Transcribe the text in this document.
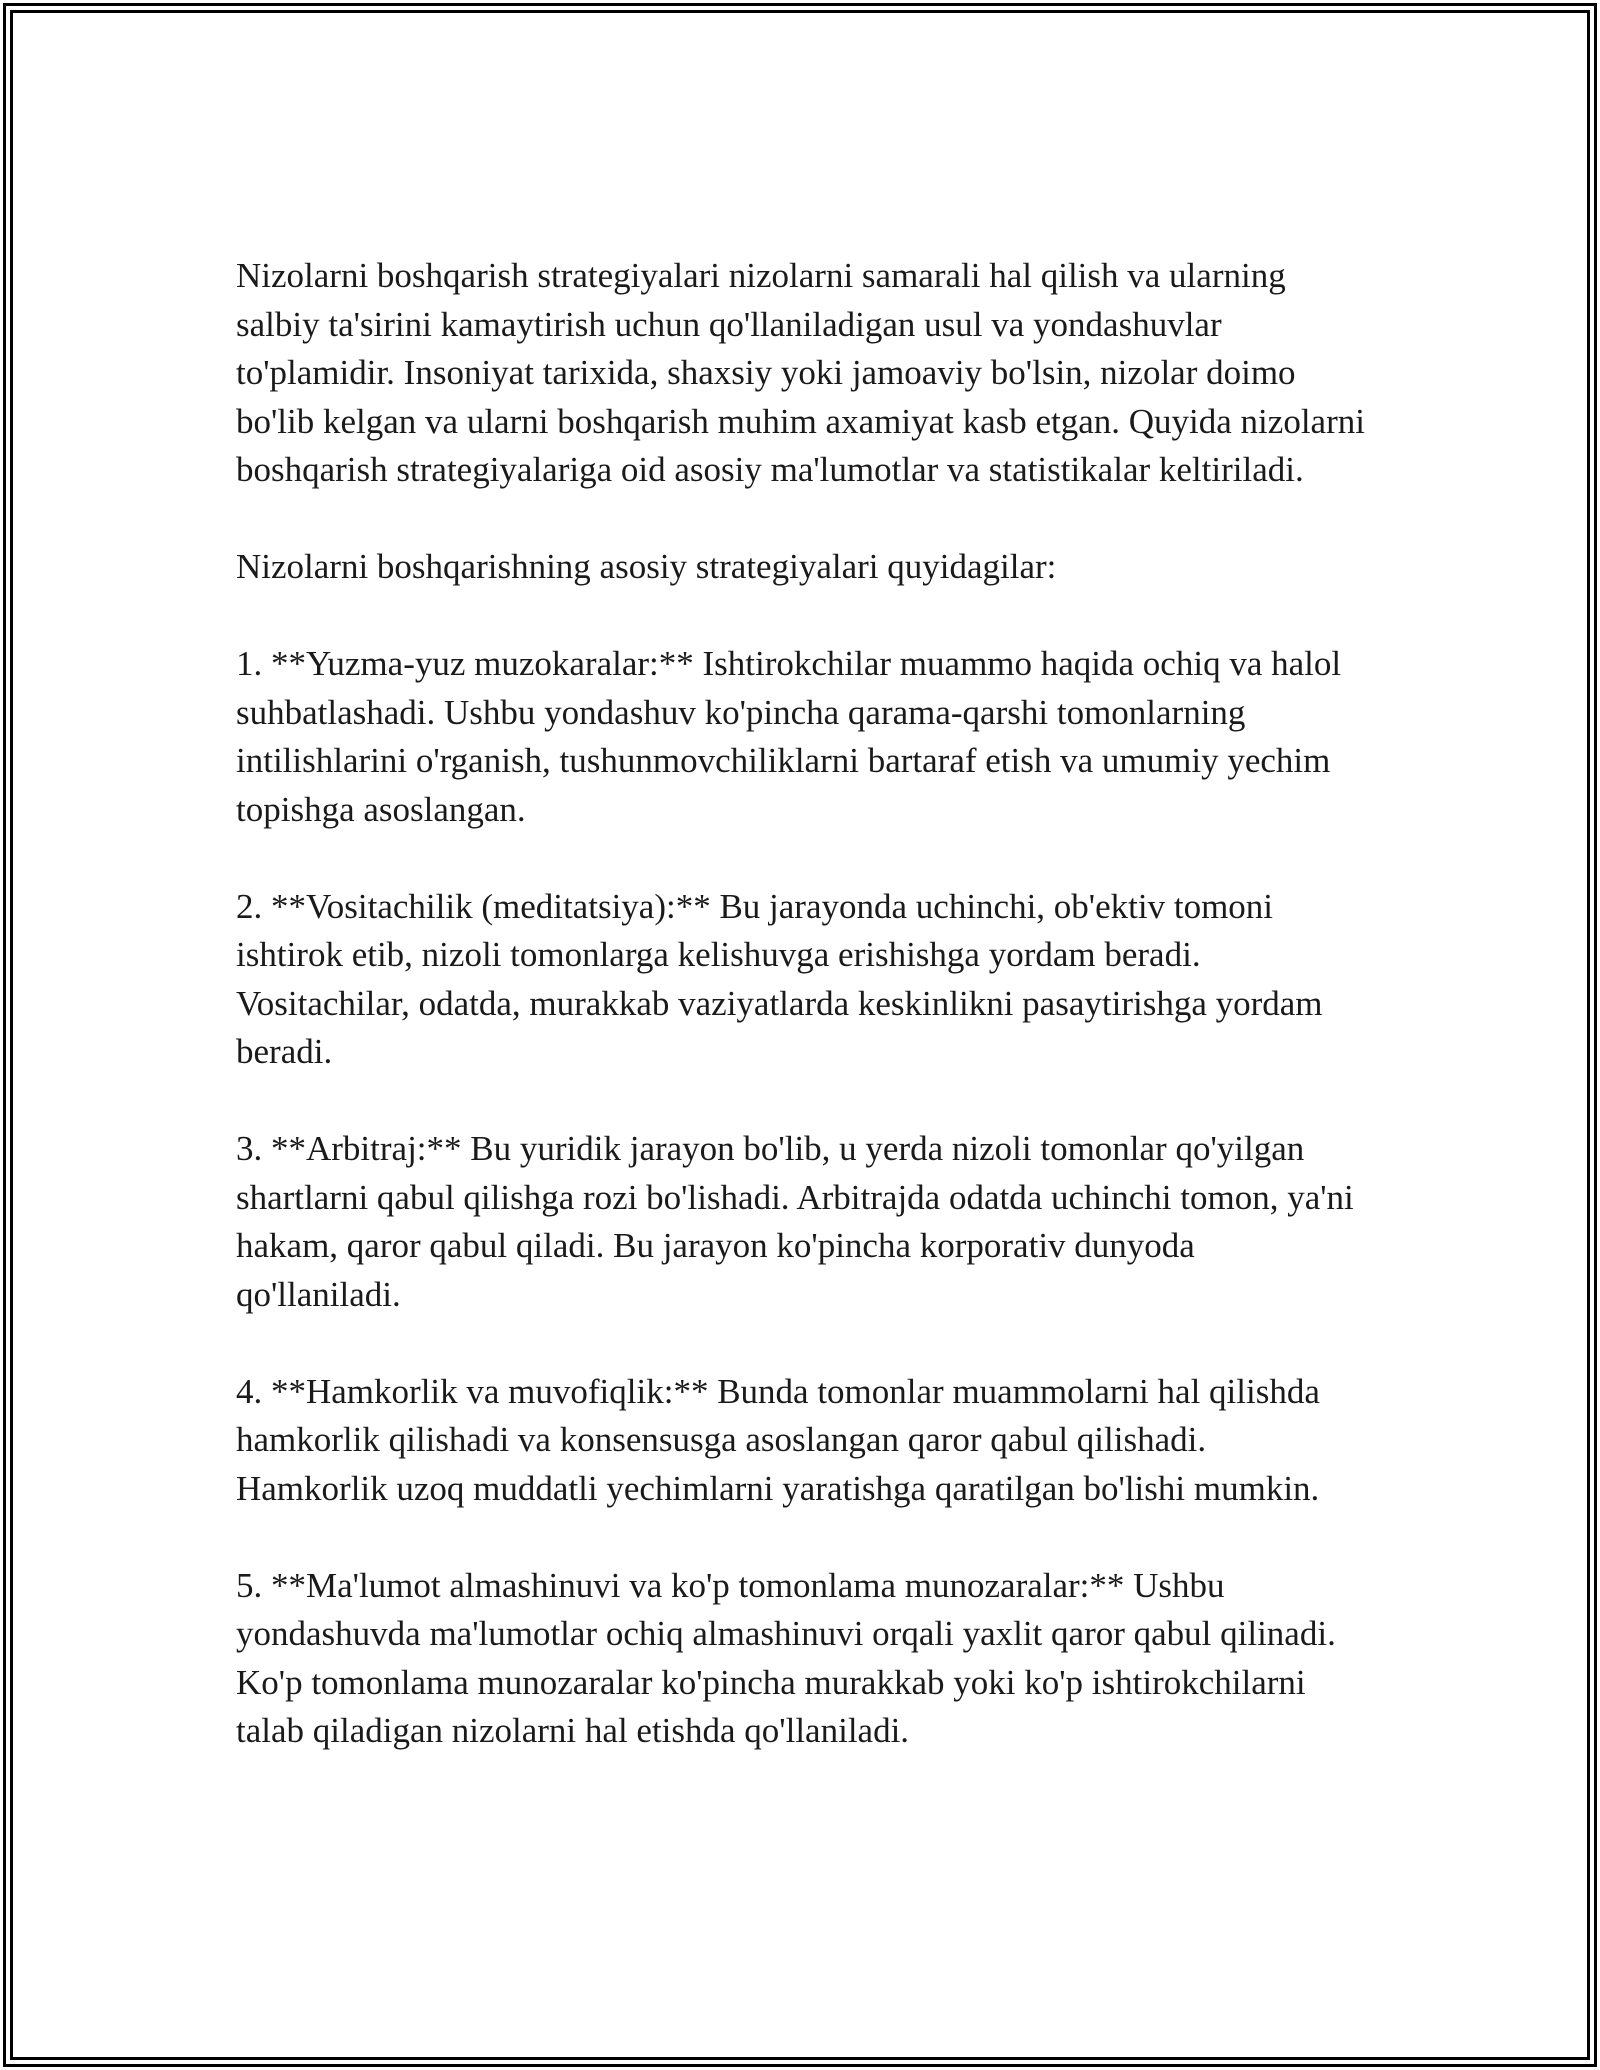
Nizolarni boshqarish strategiyalari nizolarni samarali hal qilish va ularning salbiy ta'sirini kamaytirish uchun qo'llaniladigan usul va yondashuvlar to'plamidir. Insoniyat tarixida, shaxsiy yoki jamoaviy bo'lsin, nizolar doimo bo'lib kelgan va ularni boshqarish muhim axamiyat kasb etgan. Quyida nizolarni boshqarish strategiyalariga oid asosiy ma'lumotlar va statistikalar keltiriladi.

Nizolarni boshqarishning asosiy strategiyalari quyidagilar:

1. **Yuzma-yuz muzokaralar:** Ishtirokchilar muammo haqida ochiq va halol suhbatlashadi. Ushbu yondashuv ko'pincha qarama-qarshi tomonlarning intilishlarini o'rganish, tushunmovchiliklarni bartaraf etish va umumiy yechim topishga asoslangan.

2. **Vositachilik (meditatsiya):** Bu jarayonda uchinchi, ob'ektiv tomoni ishtirok etib, nizoli tomonlarga kelishuvga erishishga yordam beradi. Vositachilar, odatda, murakkab vaziyatlarda keskinlikni pasaytirishga yordam beradi.

3. **Arbitraj:** Bu yuridik jarayon bo'lib, u yerda nizoli tomonlar qo'yilgan shartlarni qabul qilishga rozi bo'lishadi. Arbitrajda odatda uchinchi tomon, ya'ni hakam, qaror qabul qiladi. Bu jarayon ko'pincha korporativ dunyoda qo'llaniladi.

4. **Hamkorlik va muvofiqlik:** Bunda tomonlar muammolarni hal qilishda hamkorlik qilishadi va konsensusga asoslangan qaror qabul qilishadi. Hamkorlik uzoq muddatli yechimlarni yaratishga qaratilgan bo'lishi mumkin.

5. **Ma'lumot almashinuvi va ko'p tomonlama munozaralar:** Ushbu yondashuvda ma'lumotlar ochiq almashinuvi orqali yaxlit qaror qabul qilinadi. Ko'p tomonlama munozaralar ko'pincha murakkab yoki ko'p ishtirokchilarni talab qiladigan nizolarni hal etishda qo'llaniladi.
